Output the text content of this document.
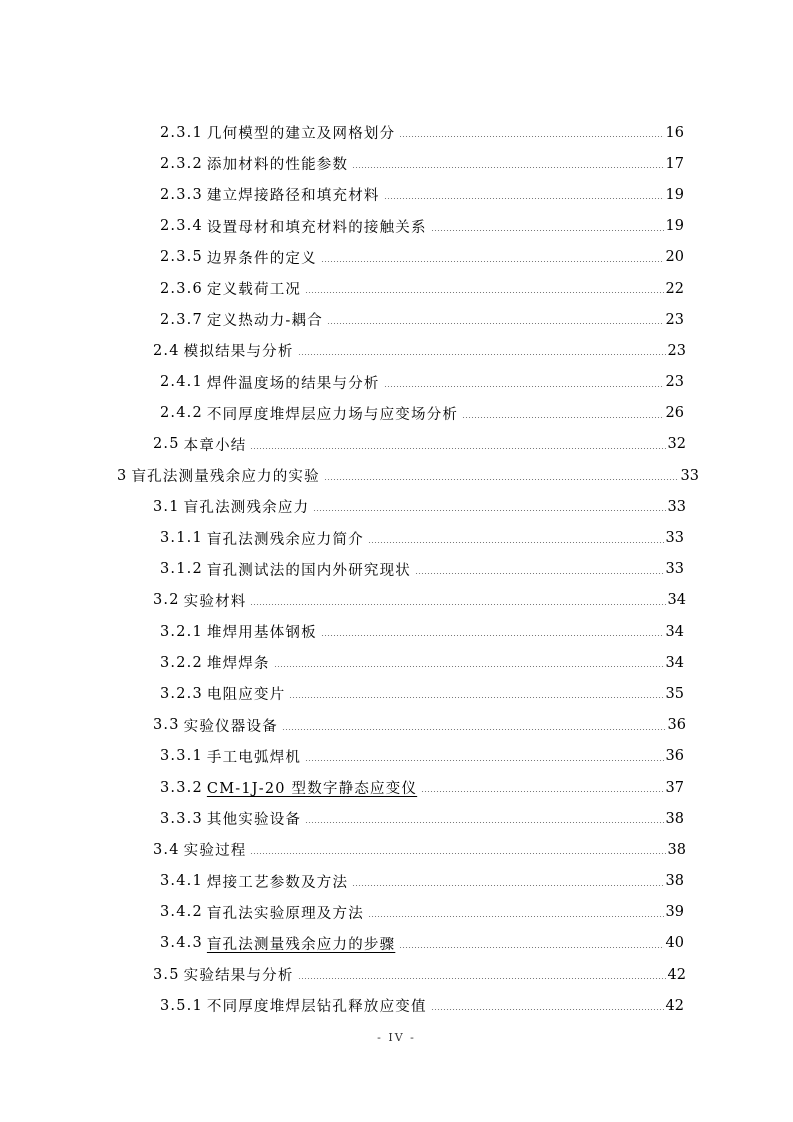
2.3.1 几何模型的建立及网格划分	16
2.3.2 添加材料的性能参数	17
2.3.3 建立焊接路径和填充材料	19
2.3.4 设置母材和填充材料的接触关系	19
2.3.5 边界条件的定义	20
2.3.6 定义载荷工况	22
2.3.7 定义热动力-耦合	23
2.4 模拟结果与分析	23
2.4.1 焊件温度场的结果与分析	23
2.4.2 不同厚度堆焊层应力场与应变场分析	26
2.5 本章小结	32
3 盲孔法测量残余应力的实验	33
3.1 盲孔法测残余应力	33
3.1.1 盲孔法测残余应力简介	33
3.1.2 盲孔测试法的国内外研究现状	33
3.2 实验材料	34
3.2.1 堆焊用基体钢板	34
3.2.2 堆焊焊条	34
3.2.3 电阻应变片	35
3.3 实验仪器设备	36
3.3.1 手工电弧焊机	36
3.3.2 CM-1J-20 型数字静态应变仪	37
3.3.3 其他实验设备	38
3.4 实验过程	38
3.4.1 焊接工艺参数及方法	38
3.4.2 盲孔法实验原理及方法	39
3.4.3 盲孔法测量残余应力的步骤	40
3.5 实验结果与分析	42
3.5.1 不同厚度堆焊层钻孔释放应变值	42
- IV -
